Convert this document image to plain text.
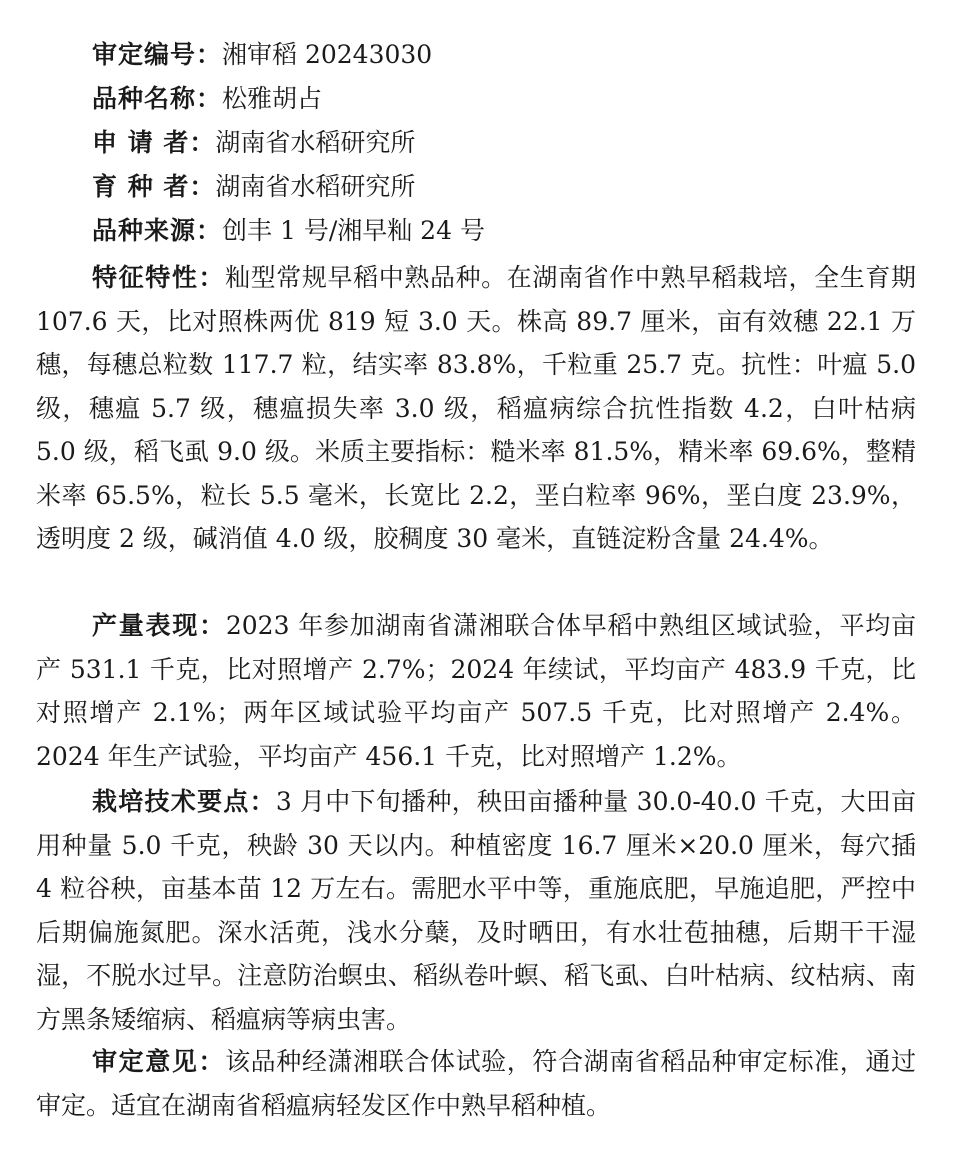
审定编号：湘审稻 20243030
品种名称：松雅胡占
申 请 者：湖南省水稻研究所
育 种 者：湖南省水稻研究所
品种来源：创丰 1 号/湘早籼 24 号

特征特性：籼型常规早稻中熟品种。在湖南省作中熟早稻栽培，全生育期 107.6 天，比对照株两优 819 短 3.0 天。株高 89.7 厘米，亩有效穗 22.1 万穗，每穗总粒数 117.7 粒，结实率 83.8%，千粒重 25.7 克。抗性：叶瘟 5.0 级，穗瘟 5.7 级，穗瘟损失率 3.0 级，稻瘟病综合抗性指数 4.2，白叶枯病 5.0 级，稻飞虱 9.0 级。米质主要指标：糙米率 81.5%，精米率 69.6%，整精米率 65.5%，粒长 5.5 毫米，长宽比 2.2，垩白粒率 96%，垩白度 23.9%，透明度 2 级，碱消值 4.0 级，胶稠度 30 毫米，直链淀粉含量 24.4%。

产量表现：2023 年参加湖南省潇湘联合体早稻中熟组区域试验，平均亩产 531.1 千克，比对照增产 2.7%；2024 年续试，平均亩产 483.9 千克，比对照增产 2.1%；两年区域试验平均亩产 507.5 千克，比对照增产 2.4%。2024 年生产试验，平均亩产 456.1 千克，比对照增产 1.2%。

栽培技术要点：3 月中下旬播种，秧田亩播种量 30.0-40.0 千克，大田亩用种量 5.0 千克，秧龄 30 天以内。种植密度 16.7 厘米×20.0 厘米，每穴插 4 粒谷秧，亩基本苗 12 万左右。需肥水平中等，重施底肥，早施追肥，严控中后期偏施氮肥。深水活蔸，浅水分蘖，及时晒田，有水壮苞抽穗，后期干干湿湿，不脱水过早。注意防治螟虫、稻纵卷叶螟、稻飞虱、白叶枯病、纹枯病、南方黑条矮缩病、稻瘟病等病虫害。

审定意见：该品种经潇湘联合体试验，符合湖南省稻品种审定标准，通过审定。适宜在湖南省稻瘟病轻发区作中熟早稻种植。
